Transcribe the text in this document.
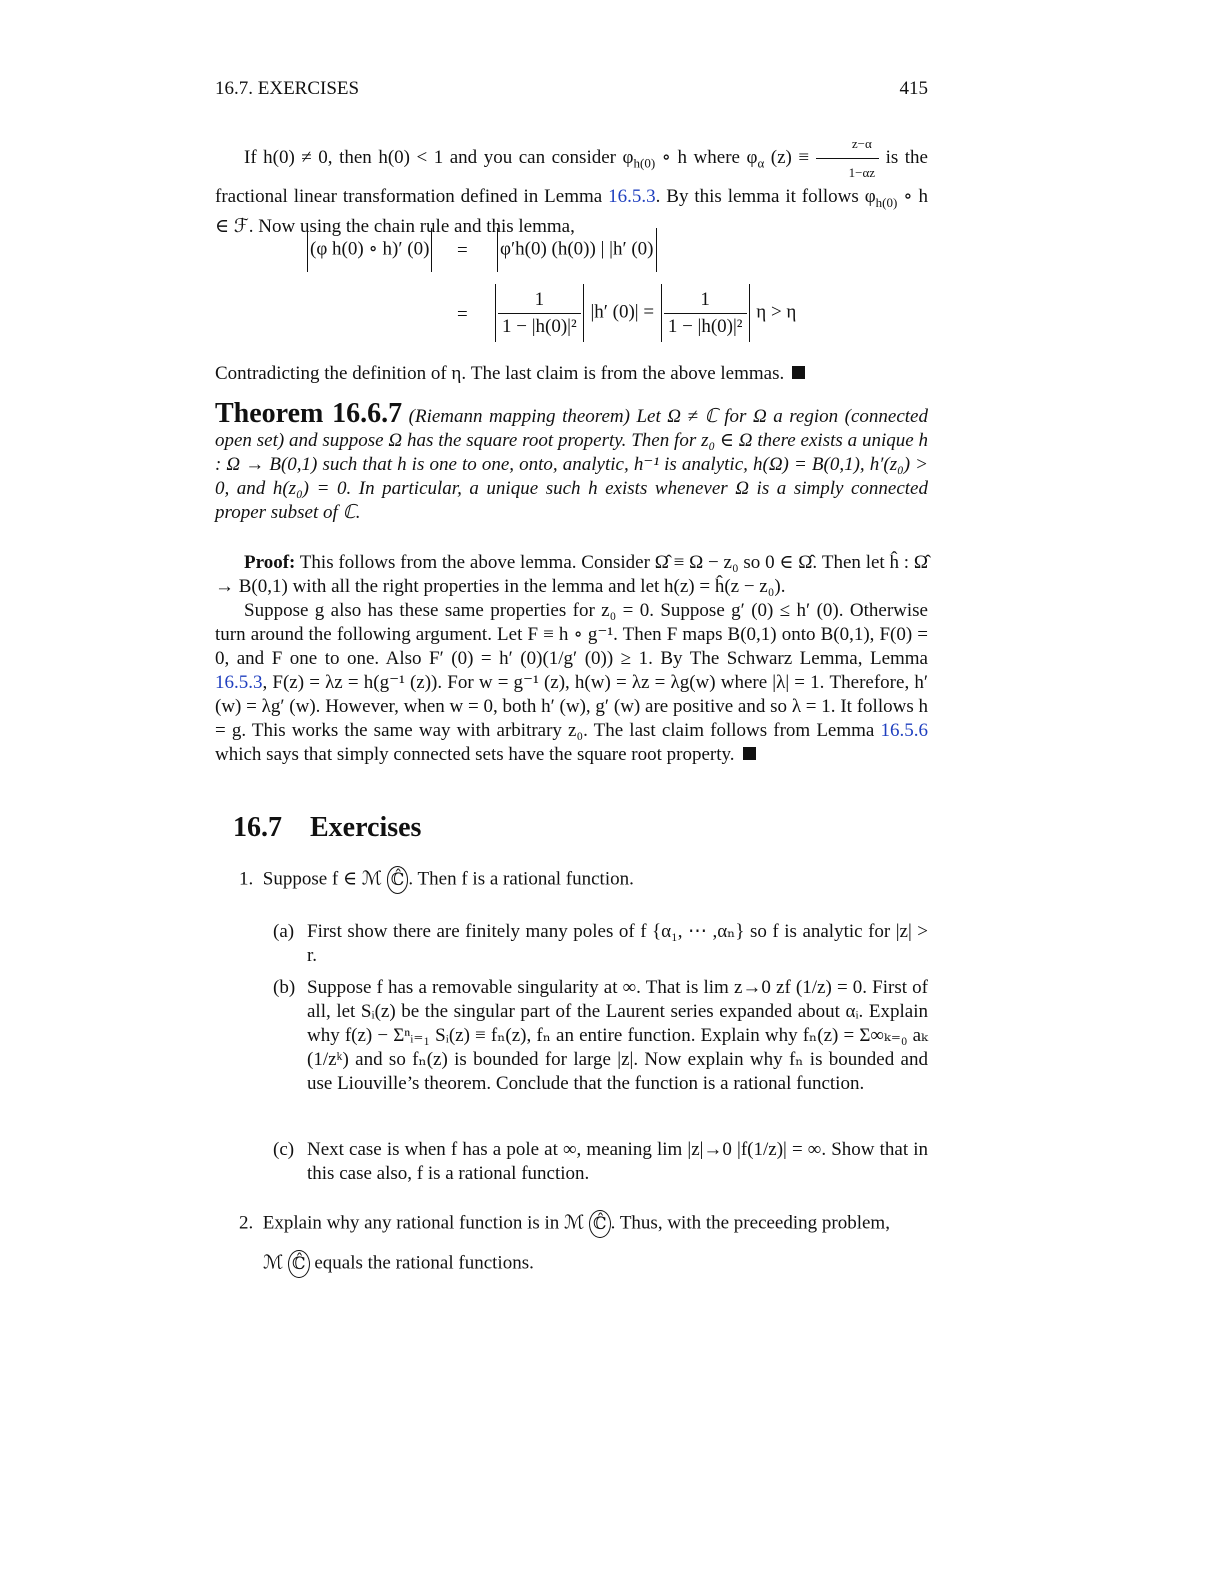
16.7. EXERCISES	415

If h(0) ≠ 0, then h(0) < 1 and you can consider $\varphi_{h(0)}$ ∘ h where $\varphi_\alpha$ $(z) \equiv \frac{z-\alpha}{1-\alpha z}$ is the fractional linear transformation defined in Lemma 16.5.3. By this lemma it follows $\varphi_{h(0)}$ ∘ h ∈ ℱ. Now using the chain rule and this lemma,

(φ h(0) ∘ h)′ (0) = φ′h(0) (h(0)) | |h′ (0)
= $\frac{1}{\text{1 − |h(0)|²}} |h'$ $(0)| = \frac{1}{\text{1 − |h(0)|²}}$ η > η

Contradicting the definition of η. The last claim is from the above lemmas.

Theorem 16.6.7 (Riemann mapping theorem) Let Ω ≠ ℂ for Ω a region (connected open set) and suppose Ω has the square root property. Then for z₀ ∈ Ω there exists a unique h : Ω → B(0,1) such that h is one to one, onto, analytic, h⁻¹ is analytic, h(Ω) = B(0,1), h′(z₀) > 0, and h(z₀) = 0. In particular, a unique such h exists whenever Ω is a simply connected proper subset of ℂ.

Proof: This follows from the above lemma. Consider Ω̂ ≡ Ω − z₀ so 0 ∈ Ω̂. Then let ĥ : Ω̂ → B(0,1) with all the right properties in the lemma and let h(z) = ĥ(z − z₀).

Suppose g also has these same properties for z₀ = 0. Suppose g′ (0) ≤ h′ (0). Otherwise turn around the following argument. Let F ≡ h ∘ g⁻¹. Then F maps B(0,1) onto B(0,1), F(0) = 0, and F one to one. Also F′ (0) = h′ (0)(1/g′ (0)) ≥ 1. By The Schwarz Lemma, Lemma 16.5.3, F(z) = λz = h(g⁻¹ (z)). For w = g⁻¹ (z), h(w) = λz = λg(w) where |λ| = 1. Therefore, h′ (w) = λg′ (w). However, when w = 0, both h′ (w), g′ (w) are positive and so λ = 1. It follows h = g. This works the same way with arbitrary z₀. The last claim follows from Lemma 16.5.6 which says that simply connected sets have the square root property.

16.7 Exercises
1. Suppose f ∈ ℳ ℂ̂ . Then f is a rational function.
(a) First show there are finitely many poles of f {α₁, ⋯ ,αₙ} so f is analytic for |z| > r.
(b) Suppose f has a removable singularity at ∞. That is lim z→0 zf (1/z) = 0. First of all, let Sᵢ(z) be the singular part of the Laurent series expanded about αᵢ. Explain why f(z) − Σⁿᵢ₌₁ Sᵢ(z) ≡ fₙ(z), fₙ an entire function. Explain why fₙ(z) = Σ∞ₖ₌₀ aₖ (1/zᵏ) and so fₙ(z) is bounded for large |z|. Now explain why fₙ is bounded and use Liouville’s theorem. Conclude that the function is a rational function.
(c) Next case is when f has a pole at ∞, meaning lim |z|→0 |f(1/z)| = ∞. Show that in this case also, f is a rational function.
2. Explain why any rational function is in ℳ ℂ̂ . Thus, with the preceeding problem,
ℳ ℂ̂ equals the rational functions.
